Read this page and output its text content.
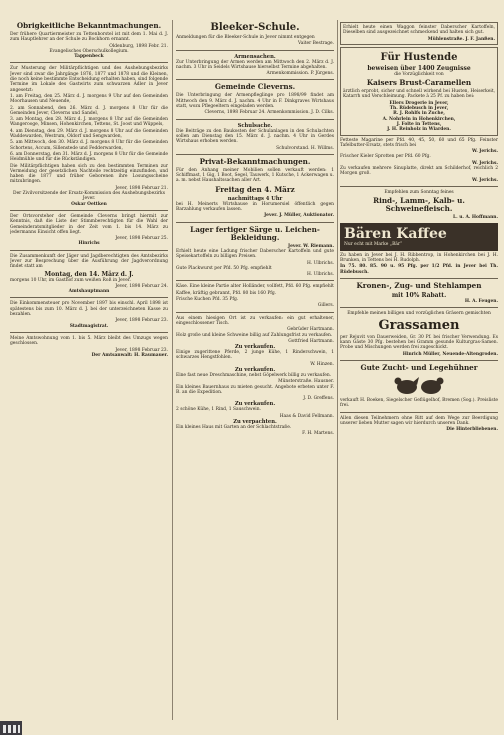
Obrigkeitliche Bekanntmachungen.

Der frühere Quartiermeister zu Tettenborstel ist mit dem 1. Mai d. J. zum Hauptlehrer an der Schule zu Bockhorn ernannt.

Oldenburg, 1898 Febr. 21.
Evangelisches Oberschulkollegium.
Tappenbeck

Zur Musterung der Militärpflichtigen und des Aushebungsbezirks Jever sind zwar die Jahrgänge 1876, 1877 und 1878 und die Kleinen, die noch keine bestimmte Entscheidung erhalten haben, sind folgende Termine im Lokale des Gastwirts zum schwarzen Adler in Jever angesetzt:

1. am Freitag, den 25. März d. J. morgens 9 Uhr auf den Gemeinden Moorhausen und Neuende,

2. am Sonnabend, den 26. März d. J. morgens 8 Uhr für die Gemeinden Jever, Cleverns und Sandel,

3. am Montag, den 28. März d. J. morgens 8 Uhr auf die Gemeinden Wangerooge, Minsen, Hohenkirchen, Tettens, St. Joost und Wüppels,

4. am Dienstag, den 29. März d. J. morgens 8 Uhr auf die Gemeinden Waddewarden, Westrum, Oldorf und Sengwarden,

5. am Mittwoch, den 30. März d. J. morgens 8 Uhr für die Gemeinden Schortens, Accum, Sillenstede und Fedderwarden,

6. am Donnerstag, den 31. März d. J. morgens 8 Uhr für die Gemeinde Heidmühle und für die Rückständigen.

Die Militärpflichtigen haben sich zu den bestimmten Terminen zur Vermeidung der gesetzlichen Nachteile rechtzeitig einzufinden, und haben die 1877 und früher Geborenen ihre Losungsscheine mitzubringen.

Jever, 1898 Februar 21.
Der Zivilvorsitzende der Ersatz-Kommission des Aushebungsbezirks Jever.
Oskar Oettken

Der Ortsvorsteher der Gemeinde Cleverns bringt hiermit zur Kenntnis, daß die Liste der Stimmberechtigten für die Wahl der Gemeinderatsmitglieder in der Zeit vom 1. bis 14. März zu jedermanns Einsicht offen liegt.

Jever, 1898 Februar 25.
Hinrichs

Die Zusammenkunft der Jäger und Jagdberechtigten des Amtsbezirks Jever zur Besprechung über die Ausführung der Jagdverordnung findet statt am

Montag, den 14. März d. J.

morgens 10 Uhr, im Gasthof zum weißen Roß in Jever.

Jever, 1898 Februar 24.
Amtshauptmann

Die Einkommensteuer pro November 1897 bis einschl. April 1898 ist spätestens bis zum 10. März d. J. bei der unterzeichneten Kasse zu bezahlen.

Jever, 1898 Februar 23.
Stadtmagistrat.

Meine Amtswohnung vom 1. bis 5. März bleibt des Umzugs wegen geschlossen.

Jever, 1898 Februar 23.
Der Amtsanwalt: H. Raumauer.
Bleeker-Schule.

Anmeldungen für die Bleeker-Schule in Jever nimmt entgegen

Vaiter Bestrage.
Armensachen.

Zur Unterbringung der Armen werden am Mittwoch den 2. März d. J. nachm. 3 Uhr in Seidels Wirtshause hierselbst Termine abgehalten.

Armenkommission. P. Jürgens.
Gemeinde Cleverns.

Die Unterbringung der Armenpfleglinge pro 1898/99 findet am Mittwoch den 9. März d. J. nachm. 4 Uhr in F. Dinkgraves Wirtshaus statt, wozu Pflegeeltern eingeladen werden.

Cleverns, 1898 Februar 24. Armenkommission. J. D. Cilks.
Schulsache.

Die Beiträge zu den Baukosten der Schulanlagen in den Schulachten sollen am Dienstag den 15. März d. J. nachm. 4 Uhr in Gerdes Wirtshaus erhoben werden.

Schulvorstand. H. Willms.
Privat-Bekanntmachungen.

Für den Anhang meiner Mobilien sollen verkauft werden: 1 Schiffmast, 1 Gig, 1 Boot, Segel, Tauwerk, 1 Kutsche, 1 Ackerwagen u. a. m. nebst Haushaltssachen aller Art.

Freitag den 4. März
nachmittags 4 Uhr

bei H. Meinerts Wirtshause in Horumersiel öffentlich gegen Barzahlung verkaufen lassen.

Jever. J. Müller, Auktionator.
Lager fertiger Särge u. Leichen-Bekleidung.
Jever. W. Riemann.

Erhielt heute eine Ladung frischer Daberscher Kartoffeln und gute Speisekartoffeln zu billigen Preisen.

H. Ulbrichs.

Gute Plackwurst per Pfd. 50 Pfg. empfiehlt

H. Ulbrichs.

Käse. Eine kleine Partie alter Holländer, vollfett, Pfd. 60 Pfg. empfiehlt

Kaffee, kräftig gebrannt, Pfd. 80 bis 160 Pfg.

Frische Kuchen Pfd. 35 Pfg.

Gillers.

Aus einem hiesigen Ort ist zu verkaufen: ein gut erhaltener, eingeschlossener Tisch.

Gebrüder Hartmann.

Holz große und kleine Schweine billig auf Zahlungsfrist zu verkaufen.

Gottfried Hartmann.
Zu verkaufen.

Einige zugerittene Pferde, 2 junge Kühe, 1 Rinderschwein, 1 schwarzes Hengstfohlen.

W. Hinzen.
Zu verkaufen.

Eine fast neue Dreschmaschine, nebst Göpelwerk billig zu verkaufen.

Münsterstraße. Hausner.

Ein kleines Bauernhaus zu mieten gesucht. Angebote erbeten unter F. B. an die Expedition.

J. D. Greffens.
Zu verkaufen.

2 schöne Kühe, 1 Rind, 1 Sauschwein.

Haas & David Fellmann.
Zu verpachten.

Ein kleines Haus mit Garten an der Schlachtstraße.

F. H. Martens.

Erhielt heute einen Waggon feinster Daberscher Kartoffeln, Dieselben sind ausgezeichnet schmeckend und halten sich gut.

Mühlenstraße. J. F. Janßen.
Für Hustende
beweisen über 1400 Zeugnisse
die Vorzüglichkeit von
Kaisers Brust-Caramellen

ärztlich erprobt, sicher und schnell wirkend bei Husten, Heiserkeit, Katarrh und Verschleimung. Packete à 25 Pf. zu haben bei:

Ellers Drogerie in Jever,
Th. Rüdebusch in Jever,
R. J. Rohlfs in Zuche,
A. Nohrlein in Hohenkirchen,
J. Folte in Tettens,
J. H. Reinholz in Wiarden.

Fetteste Magarine per Pfd. 40, 45, 50, 60 und 65 Pfg. Feinster Tafelbutter-Ersatz, stets frisch bei

W. Jerichs.

Frischer Kieler Sprotten per Pfd. 60 Pfg.

W. Jerichs.

Zu verkaufen mehrere Sinuplatte, direkt am Schilderhof, reichlich 2 Morgen groß.

W. Jerichs.
Empfehlen zum Sonntag feines
Rind-, Lamm-, Kalb- u. Schweinefleisch.
L. u. A. Hoffmann.
Bären Kaffee
Nur echt mit Marke „Bär“

Zu haben in Jever bei J. H. Ribbentrop, in Hohenkirchen bei J. H. Brunken, in Tettens bei H. Rudolph.

In 75. 80. 85. 90 u. 95 Pfg. per 1/2 Pfd. in Jever bei Th. Rüdebusch.

Kronen-, Zug- und Stehlampen
mit 10% Rabatt.
H. A. Feugen.
Empfehle meinen billigen und vorzüglichen Gräsern gemischten
Grassamen

per Rejuvit von Dauerweiden, Gr. 30 Pf. bei frischer Verwendung. Es kann Gäste 30 Pfg. bestehen bei Gramm gesunde Kulturgras-Samen. Probe und Mischungen werden frei zugeschickt.

Hinrich Müller, Neuende-Altengroden.
Gute Zucht- und Legehühner

verkauft H. Boeken, Siegelscher Geflügelhof, Bremen (Sog.). Preisliste frei.

Allen diesen Teilnehmern ohne Ritt auf dem Wege zur Beerdigung unserer lieben Mutter sagen wir hierdurch unseren Dank.

Die Hinterbliebenen.
